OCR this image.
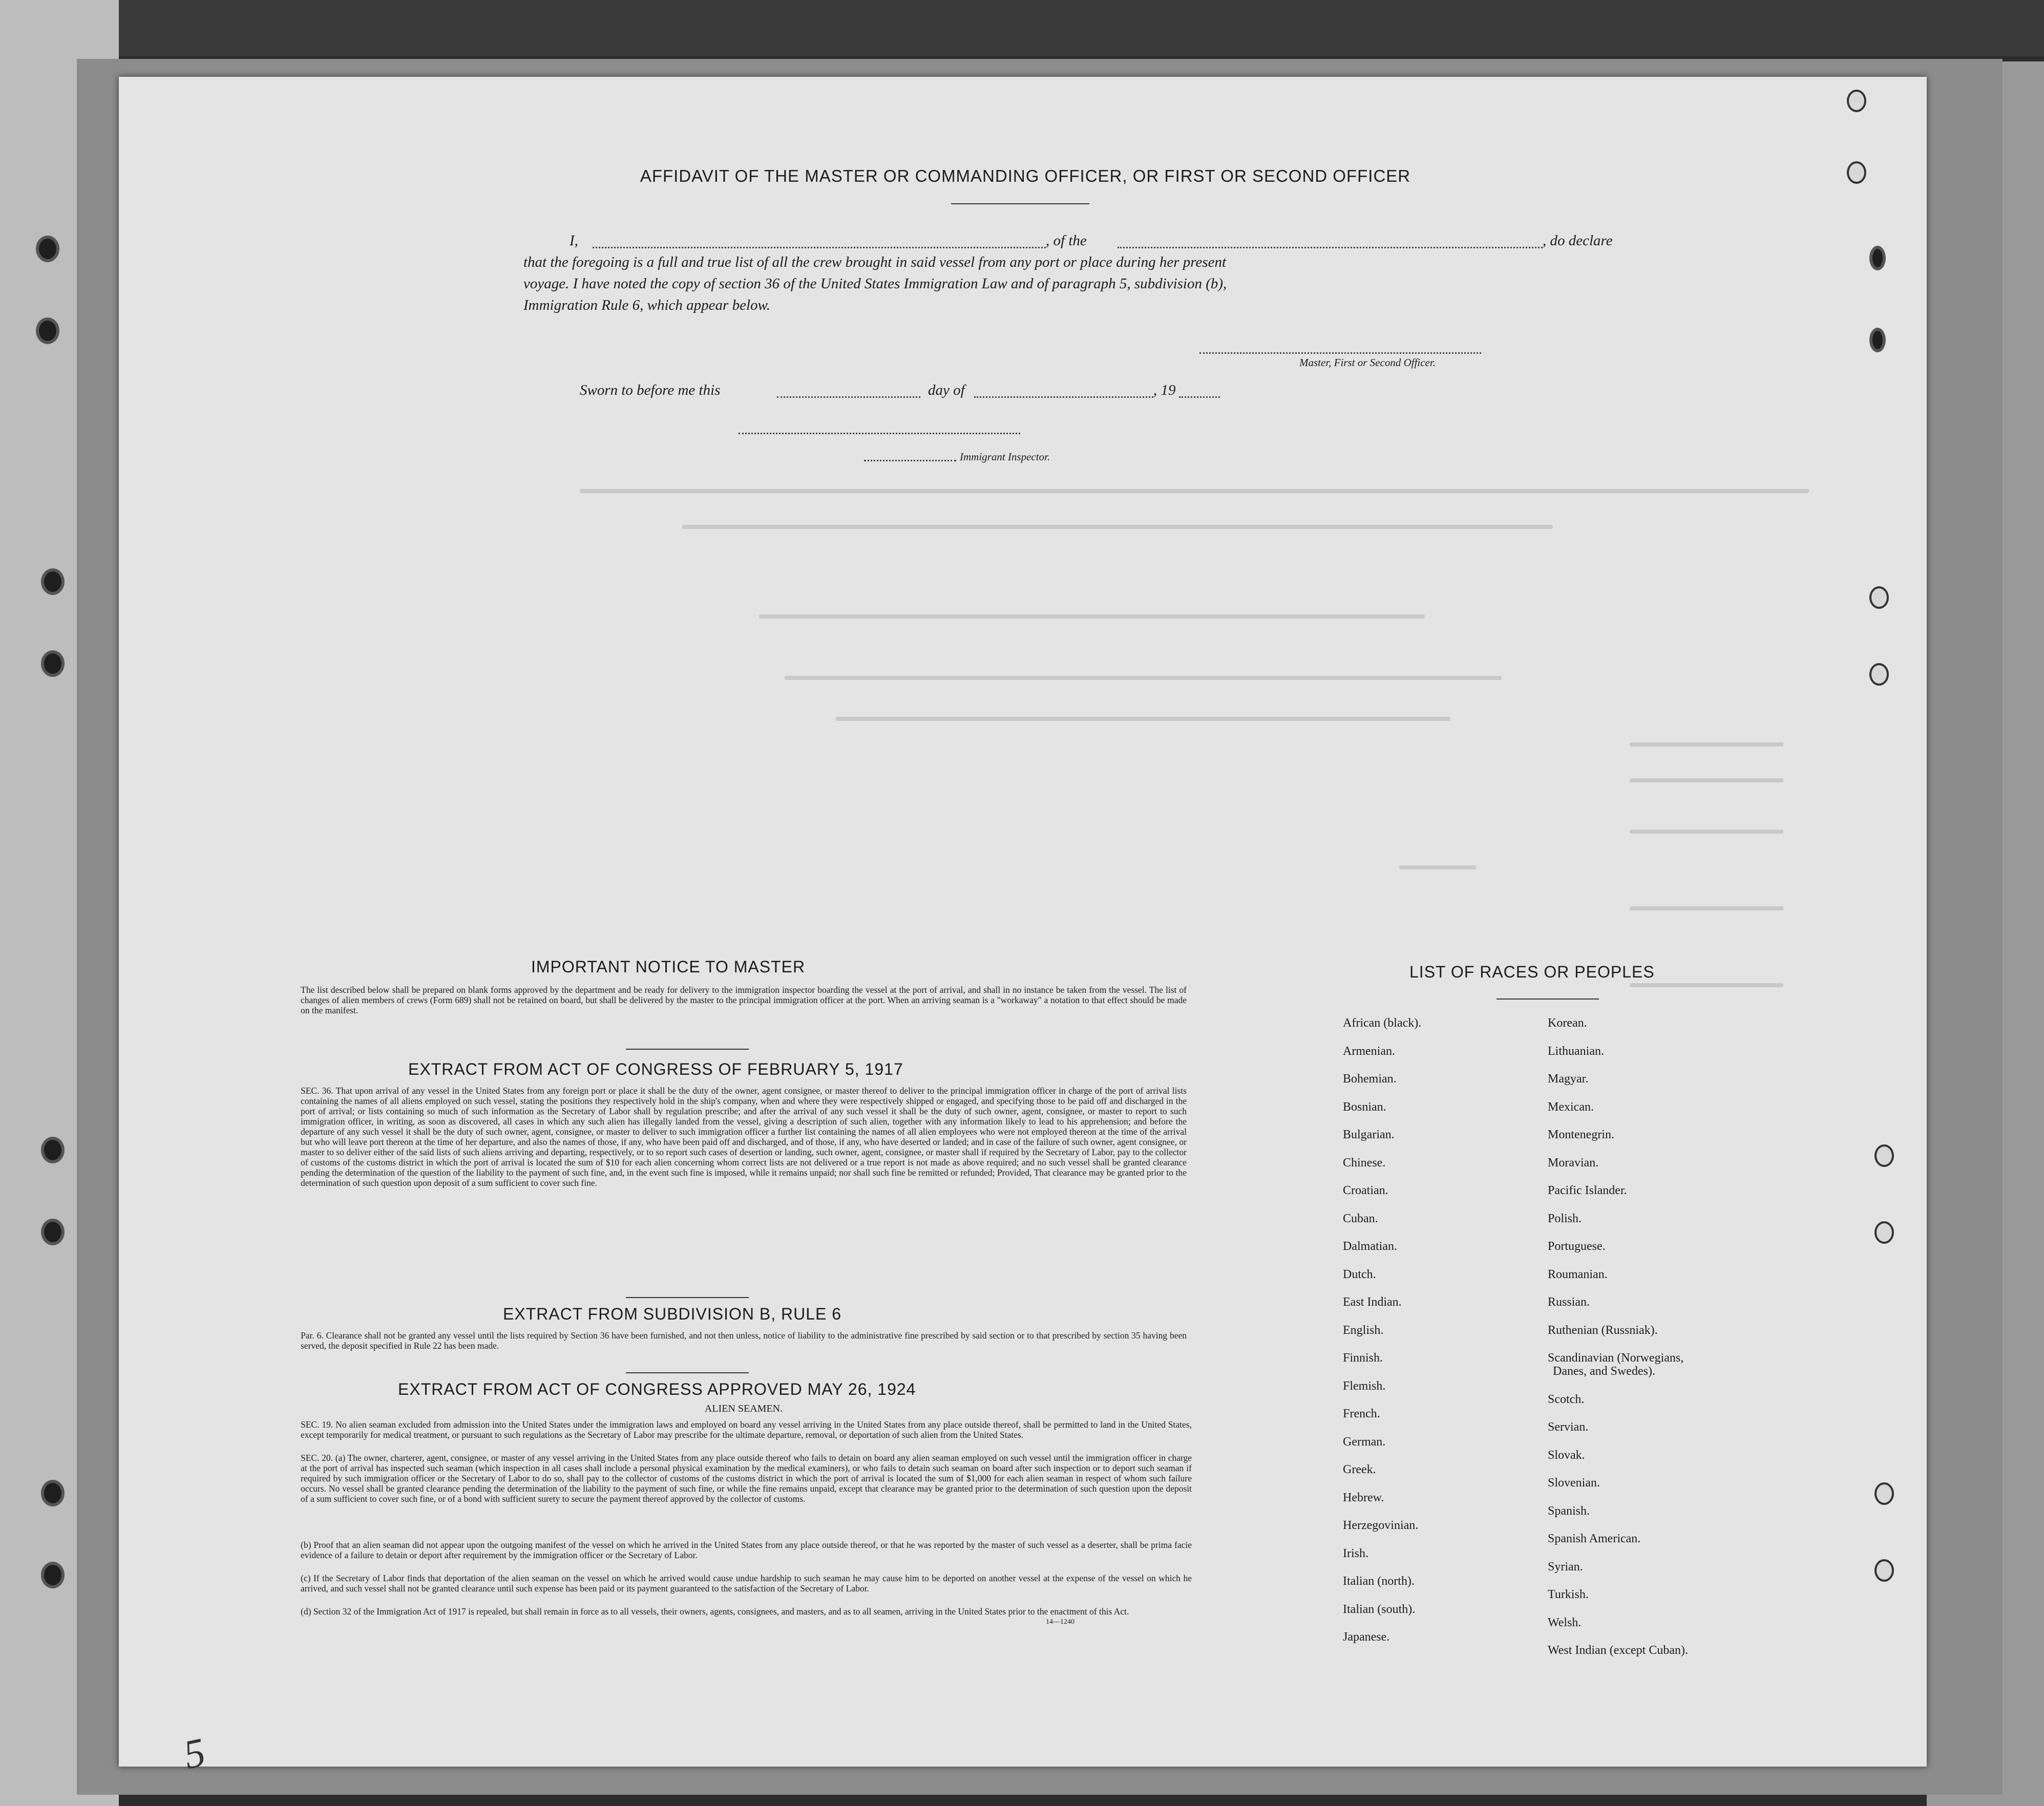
AFFIDAVIT OF THE MASTER OR COMMANDING OFFICER, OR FIRST OR SECOND OFFICER
I,	, of the	, do declare
that the foregoing is a full and true list of all the crew brought in said vessel from any port or place during her present
voyage. I have noted the copy of section 36 of the United States Immigration Law and of paragraph 5, subdivision (b),
Immigration Rule 6, which appear below.
Master, First or Second Officer.
Sworn to before me this	day of	, 19
Immigrant Inspector.
IMPORTANT NOTICE TO MASTER
The list described below shall be prepared on blank forms approved by the department and be ready for delivery to the immigration inspector boarding the vessel at the port of arrival, and shall in no instance be taken from the vessel. The list of changes of alien members of crews (Form 689) shall not be retained on board, but shall be delivered by the master to the principal immigration officer at the port. When an arriving seaman is a "workaway" a notation to that effect should be made on the manifest.
EXTRACT FROM ACT OF CONGRESS OF FEBRUARY 5, 1917
SEC. 36. That upon arrival of any vessel in the United States from any foreign port or place it shall be the duty of the owner, agent consignee, or master thereof to deliver to the principal immigration officer in charge of the port of arrival lists containing the names of all aliens employed on such vessel, stating the positions they respectively hold in the ship's company, when and where they were respectively shipped or engaged, and specifying those to be paid off and discharged in the port of arrival; or lists containing so much of such information as the Secretary of Labor shall by regulation prescribe; and after the arrival of any such vessel it shall be the duty of such owner, agent, consignee, or master to report to such immigration officer, in writing, as soon as discovered, all cases in which any such alien has illegally landed from the vessel, giving a description of such alien, together with any information likely to lead to his apprehension; and before the departure of any such vessel it shall be the duty of such owner, agent, consignee, or master to deliver to such immigration officer a further list containing the names of all alien employees who were not employed thereon at the time of the arrival but who will leave port thereon at the time of her departure, and also the names of those, if any, who have been paid off and discharged, and of those, if any, who have deserted or landed; and in case of the failure of such owner, agent consignee, or master to so deliver either of the said lists of such aliens arriving and departing, respectively, or to so report such cases of desertion or landing, such owner, agent, consignee, or master shall if required by the Secretary of Labor, pay to the collector of customs of the customs district in which the port of arrival is located the sum of $10 for each alien concerning whom correct lists are not delivered or a true report is not made as above required; and no such vessel shall be granted clearance pending the determination of the question of the liability to the payment of such fine, and, in the event such fine is imposed, while it remains unpaid; nor shall such fine be remitted or refunded; Provided, That clearance may be granted prior to the determination of such question upon deposit of a sum sufficient to cover such fine.
EXTRACT FROM SUBDIVISION B, RULE 6
Par. 6. Clearance shall not be granted any vessel until the lists required by Section 36 have been furnished, and not then unless, notice of liability to the administrative fine prescribed by said section or to that prescribed by section 35 having been served, the deposit specified in Rule 22 has been made.
EXTRACT FROM ACT OF CONGRESS APPROVED MAY 26, 1924
ALIEN SEAMEN.
SEC. 19. No alien seaman excluded from admission into the United States under the immigration laws and employed on board any vessel arriving in the United States from any place outside thereof, shall be permitted to land in the United States, except temporarily for medical treatment, or pursuant to such regulations as the Secretary of Labor may prescribe for the ultimate departure, removal, or deportation of such alien from the United States.
SEC. 20. (a) The owner, charterer, agent, consignee, or master of any vessel arriving in the United States from any place outside thereof who fails to detain on board any alien seaman employed on such vessel until the immigration officer in charge at the port of arrival has inspected such seaman (which inspection in all cases shall include a personal physical examination by the medical examiners), or who fails to detain such seaman on board after such inspection or to deport such seaman if required by such immigration officer or the Secretary of Labor to do so, shall pay to the collector of customs of the customs district in which the port of arrival is located the sum of $1,000 for each alien seaman in respect of whom such failure occurs. No vessel shall be granted clearance pending the determination of the liability to the payment of such fine, or while the fine remains unpaid, except that clearance may be granted prior to the determination of such question upon the deposit of a sum sufficient to cover such fine, or of a bond with sufficient surety to secure the payment thereof approved by the collector of customs.
(b) Proof that an alien seaman did not appear upon the outgoing manifest of the vessel on which he arrived in the United States from any place outside thereof, or that he was reported by the master of such vessel as a deserter, shall be prima facie evidence of a failure to detain or deport after requirement by the immigration officer or the Secretary of Labor.
(c) If the Secretary of Labor finds that deportation of the alien seaman on the vessel on which he arrived would cause undue hardship to such seaman he may cause him to be deported on another vessel at the expense of the vessel on which he arrived, and such vessel shall not be granted clearance until such expense has been paid or its payment guaranteed to the satisfaction of the Secretary of Labor.
(d) Section 32 of the Immigration Act of 1917 is repealed, but shall remain in force as to all vessels, their owners, agents, consignees, and masters, and as to all seamen, arriving in the United States prior to the enactment of this Act.
14—1240
LIST OF RACES OR PEOPLES
African (black).
Armenian.
Bohemian.
Bosnian.
Bulgarian.
Chinese.
Croatian.
Cuban.
Dalmatian.
Dutch.
East Indian.
English.
Finnish.
Flemish.
French.
German.
Greek.
Hebrew.
Herzegovinian.
Irish.
Italian (north).
Italian (south).
Japanese.
Korean.
Lithuanian.
Magyar.
Mexican.
Montenegrin.
Moravian.
Pacific Islander.
Polish.
Portuguese.
Roumanian.
Russian.
Ruthenian (Russniak).
Scandinavian (Norwegians,
Danes, and Swedes).
Scotch.
Servian.
Slovak.
Slovenian.
Spanish.
Spanish American.
Syrian.
Turkish.
Welsh.
West Indian (except Cuban).
5
